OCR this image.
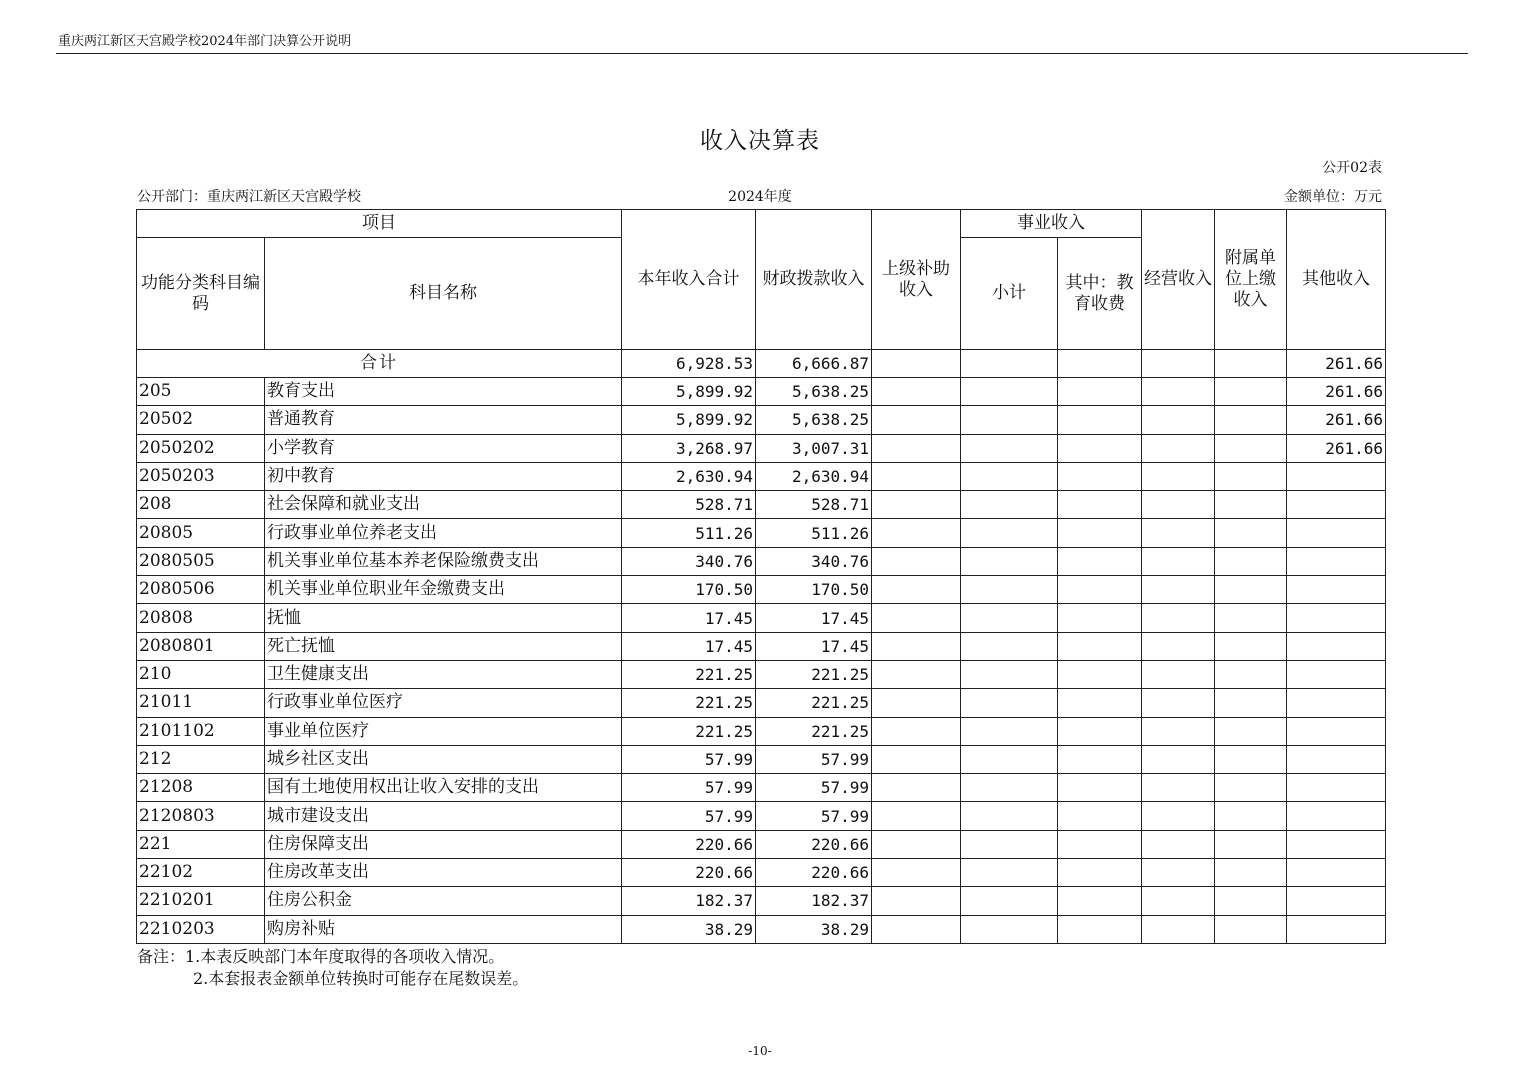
重庆两江新区天宫殿学校2024年部门决算公开说明
收入决算表
公开02表
公开部门：重庆两江新区天宫殿学校	2024年度	金额单位：万元
项目		本年收入合计	财政拨款收入	上级补助收入	事业收入		经营收入	附属单位上缴收入	其他收入
功能分类科目编码	科目名称				小计	其中：教育收费			
合计		6,928.53	6,666.87						261.66
205	教育支出	5,899.92	5,638.25						261.66
20502	普通教育	5,899.92	5,638.25						261.66
2050202	小学教育	3,268.97	3,007.31						261.66
2050203	初中教育	2,630.94	2,630.94						
208	社会保障和就业支出	528.71	528.71						
20805	行政事业单位养老支出	511.26	511.26						
2080505	机关事业单位基本养老保险缴费支出	340.76	340.76						
2080506	机关事业单位职业年金缴费支出	170.50	170.50						
20808	抚恤	17.45	17.45						
2080801	死亡抚恤	17.45	17.45						
210	卫生健康支出	221.25	221.25						
21011	行政事业单位医疗	221.25	221.25						
2101102	事业单位医疗	221.25	221.25						
212	城乡社区支出	57.99	57.99						
21208	国有土地使用权出让收入安排的支出	57.99	57.99						
2120803	城市建设支出	57.99	57.99						
221	住房保障支出	220.66	220.66						
22102	住房改革支出	220.66	220.66						
2210201	住房公积金	182.37	182.37						
2210203	购房补贴	38.29	38.29						
备注：1.本表反映部门本年度取得的各项收入情况。
2.本套报表金额单位转换时可能存在尾数误差。
-10-
